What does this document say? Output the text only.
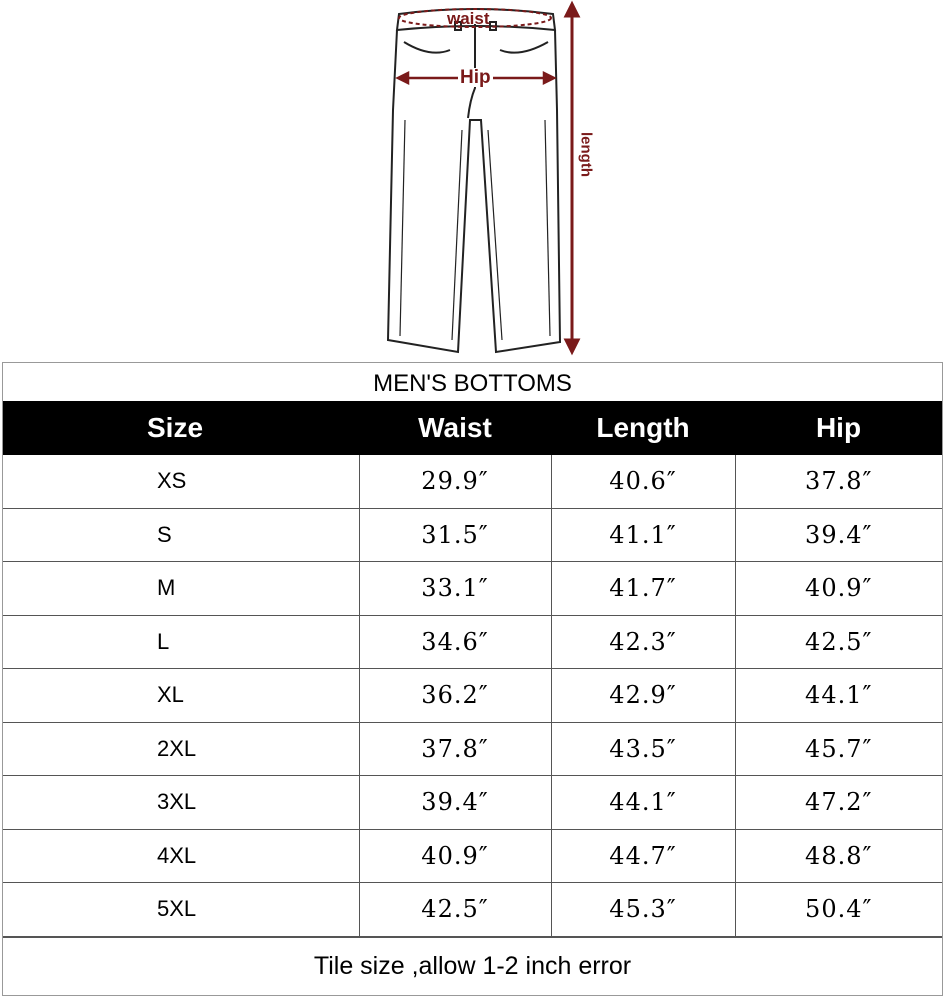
waist
Hip
length
MEN'S BOTTOMS
Size	Waist	Length	Hip
XS	29.9″	40.6″	37.8″
S	31.5″	41.1″	39.4″
M	33.1″	41.7″	40.9″
L	34.6″	42.3″	42.5″
XL	36.2″	42.9″	44.1″
2XL	37.8″	43.5″	45.7″
3XL	39.4″	44.1″	47.2″
4XL	40.9″	44.7″	48.8″
5XL	42.5″	45.3″	50.4″
Tile size ,allow 1-2 inch error
